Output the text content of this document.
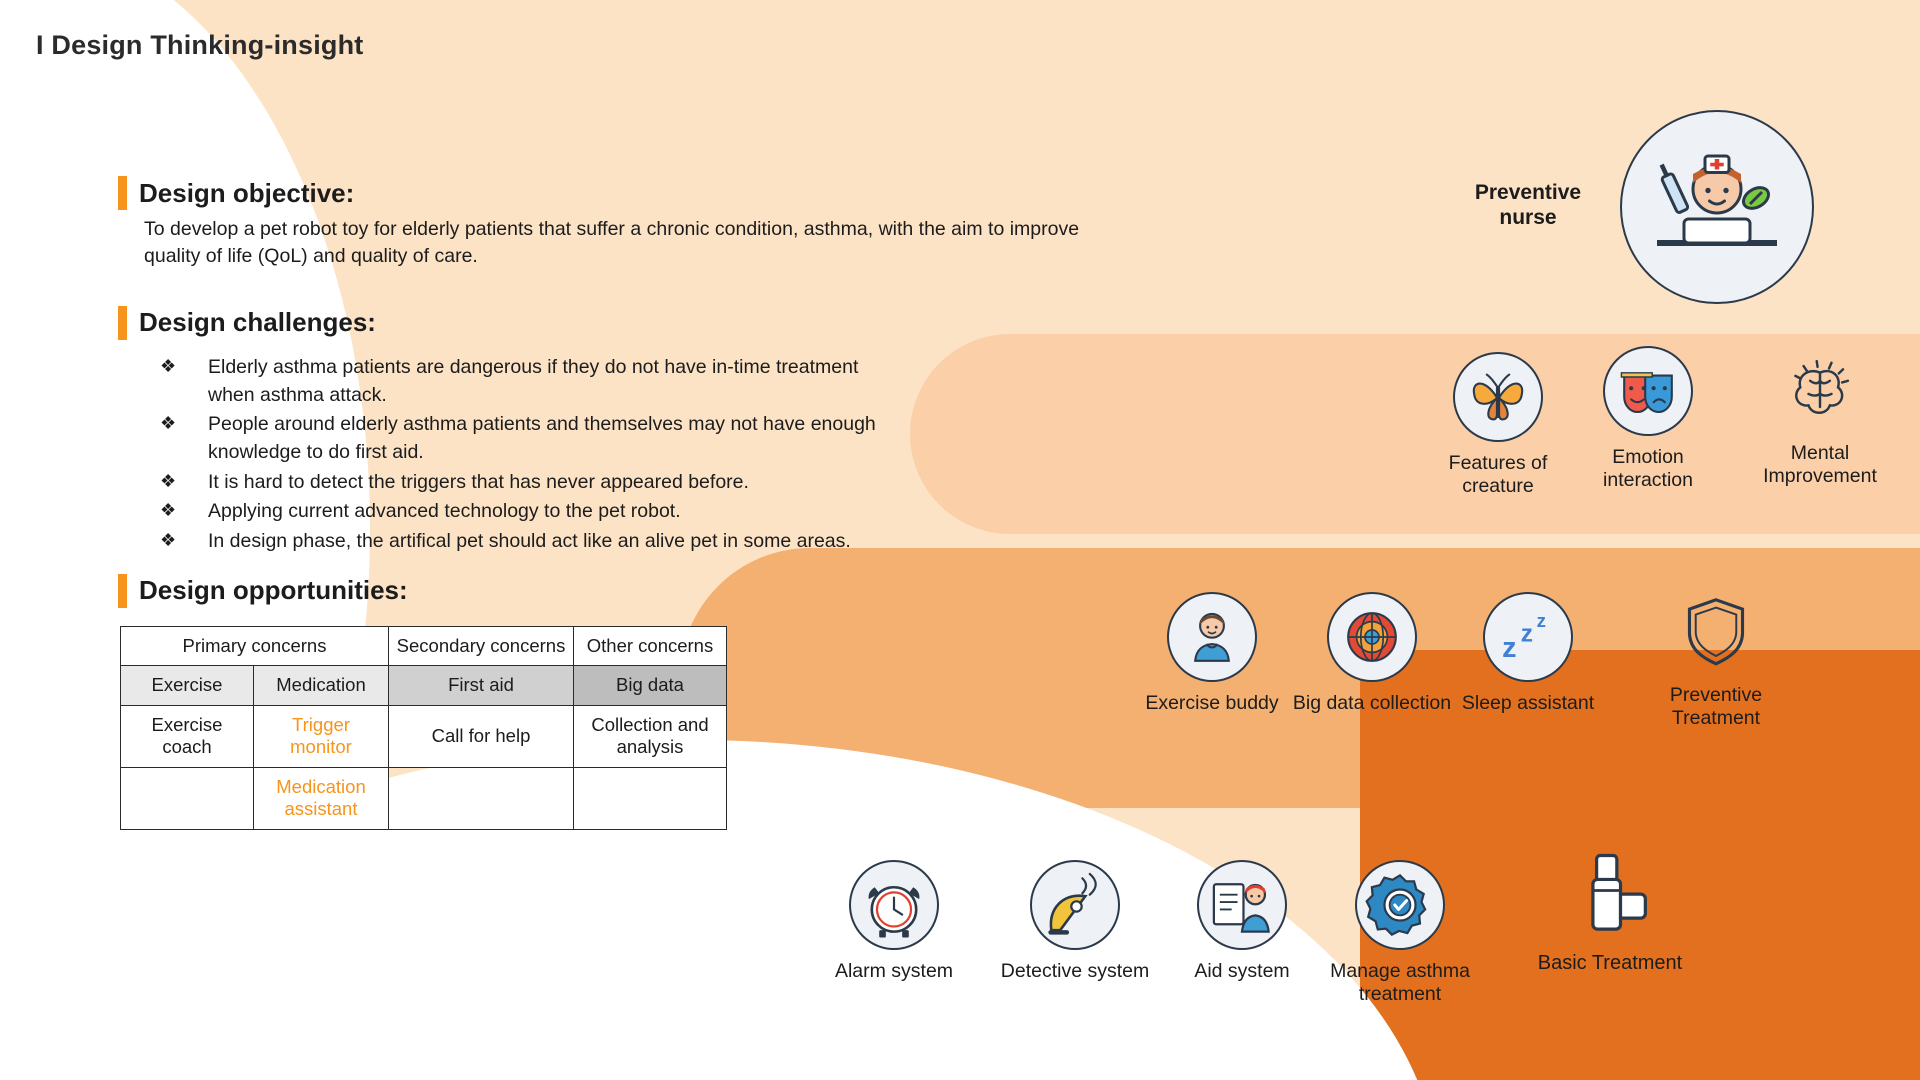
I Design Thinking-insight
Design objective:
To develop a pet robot toy for elderly patients that suffer a chronic condition, asthma, with the aim to improve quality of life (QoL) and quality of care.
Design challenges:
❖	Elderly asthma patients are dangerous if they do not have in-time treatment when asthma attack.
❖	People around elderly asthma patients and themselves may not have enough knowledge to do first aid.
❖	It is hard to detect the triggers that has never appeared before.
❖	Applying current advanced technology to the pet robot.
❖	In design phase, the artifical pet should act like an alive pet in some areas.
Design opportunities:
Primary concerns		Secondary concerns	Other concerns
Exercise	Medication	First aid	Big data
Exercise coach	Trigger monitor	Call for help	Collection and analysis
	Medication assistant		
Preventive nurse
Features of creature
Emotion interaction
Mental Improvement
Exercise buddy Big data collection
z z z
Sleep assistant	Preventive Treatment
Alarm system	Detective system	Aid system	Manage asthma treatment
Basic Treatment
